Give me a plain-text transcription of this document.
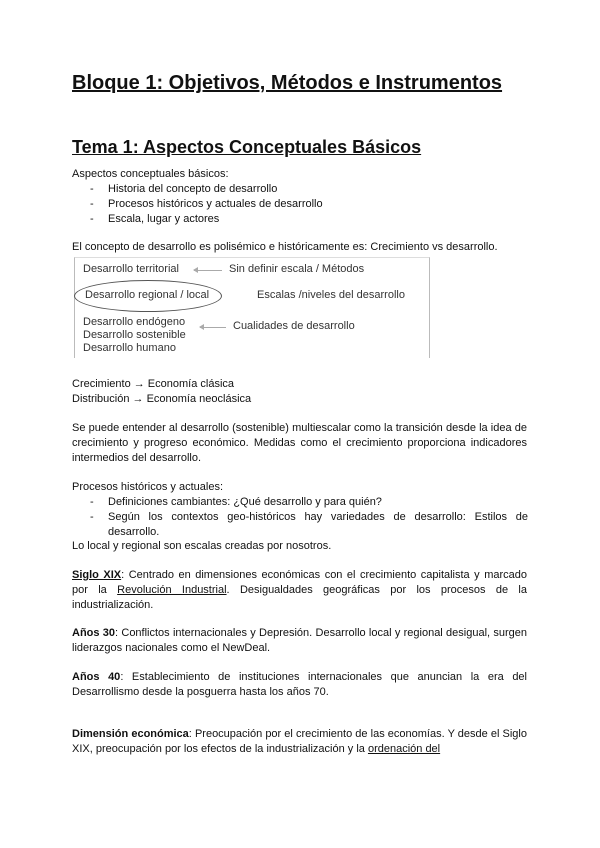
Bloque 1: Objetivos, Métodos e Instrumentos
Tema 1: Aspectos Conceptuales Básicos
Aspectos conceptuales básicos:
- Historia del concepto de desarrollo
- Procesos históricos y actuales de desarrollo
- Escala, lugar y actores
El concepto de desarrollo es polisémico e históricamente es: Crecimiento vs desarrollo.
Desarrollo territorial	Sin definir escala / Métodos
Desarrollo regional / local	Escalas /niveles del desarrollo
Desarrollo endógeno
Desarrollo sostenible
Desarrollo humano
Cualidades de desarrollo
Crecimiento → Economía clásica
Distribución → Economía neoclásica
Se puede entender al desarrollo (sostenible) multiescalar como la transición desde la idea de crecimiento y progreso económico. Medidas como el crecimiento proporciona indicadores intermedios del desarrollo.
Procesos históricos y actuales:
- Definiciones cambiantes: ¿Qué desarrollo y para quién?
- Según los contextos geo-históricos hay variedades de desarrollo: Estilos de desarrollo.
Lo local y regional son escalas creadas por nosotros.
Siglo XIX: Centrado en dimensiones económicas con el crecimiento capitalista y marcado por la Revolución Industrial. Desigualdades geográficas por los procesos de la industrialización.
Años 30: Conflictos internacionales y Depresión. Desarrollo local y regional desigual, surgen liderazgos nacionales como el NewDeal.
Años 40: Establecimiento de instituciones internacionales que anuncian la era del Desarrollismo desde la posguerra hasta los años 70.
Dimensión económica: Preocupación por el crecimiento de las economías. Y desde el Siglo XIX, preocupación por los efectos de la industrialización y la ordenación del
